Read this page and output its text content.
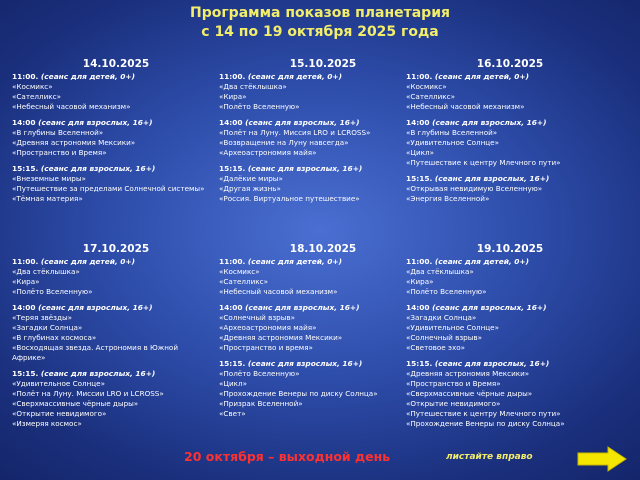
Программа показов планетария
с 14 по 19 октября 2025 года
14.10.2025
11:00. (сеанс для детей, 0+)
«Космикс»
«Сателликс»
«Небесный часовой механизм»
14:00 (сеанс для взрослых, 16+)
«В глубины Вселенной»
«Древняя астрономия Мексики»
«Пространство и Время»
15:15. (сеанс для взрослых, 16+)
«Внеземные миры»
«Путешествие за пределами Солнечной системы»
«Тёмная материя»
15.10.2025
11:00. (сеанс для детей, 0+)
«Два стёклышка»
«Кира»
«Полёто Вселенную»
14:00 (сеанс для взрослых, 16+)
«Полёт на Луну. Миссия LRO и LCROSS»
«Возвращение на Луну навсегда»
«Археоастрономия майя»
15:15. (сеанс для взрослых, 16+)
«Далёкие миры»
«Другая жизнь»
«Россия. Виртуальное путешествие»
16.10.2025
11:00. (сеанс для детей, 0+)
«Космикс»
«Сателликс»
«Небесный часовой механизм»
14:00 (сеанс для взрослых, 16+)
«В глубины Вселенной»
«Удивительное Солнце»
«Цикл»
«Путешествие к центру Млечного пути»
15:15. (сеанс для взрослых, 16+)
«Открывая невидимую Вселенную»
«Энергия Вселенной»
17.10.2025
11:00. (сеанс для детей, 0+)
«Два стёклышка»
«Кира»
«Полёто Вселенную»
14:00 (сеанс для взрослых, 16+)
«Теряя звёзды»
«Загадки Солнца»
«В глубинах космоса»
«Восходящая звезда. Астрономия в Южной
Африке»
15:15. (сеанс для взрослых, 16+)
«Удивительное Солнце»
«Полёт на Луну. Миссии LRO и LCROSS»
«Сверхмассивные чёрные дыры»
«Открытие невидимого»
«Измеряя космос»
18.10.2025
11:00. (сеанс для детей, 0+)
«Космикс»
«Сателликс»
«Небесный часовой механизм»
14:00 (сеанс для взрослых, 16+)
«Солнечный взрыв»
«Археоастрономия майя»
«Древняя астрономия Мексики»
«Пространство и время»
15:15. (сеанс для взрослых, 16+)
«Полёто Вселенную»
«Цикл»
«Прохождение Венеры по диску Солнца»
«Призрак Вселенной»
«Свет»
19.10.2025
11:00. (сеанс для детей, 0+)
«Два стёклышка»
«Кира»
«Полёто Вселенную»
14:00 (сеанс для взрослых, 16+)
«Загадки Солнца»
«Удивительное Солнце»
«Солнечный взрыв»
«Световое эхо»
15:15. (сеанс для взрослых, 16+)
«Древняя астрономия Мексики»
«Пространство и Время»
«Сверхмассивные чёрные дыры»
«Открытие невидимого»
«Путешествие к центру Млечного пути»
«Прохождение Венеры по диску Солнца»
20 октября – выходной день	листайте вправо
